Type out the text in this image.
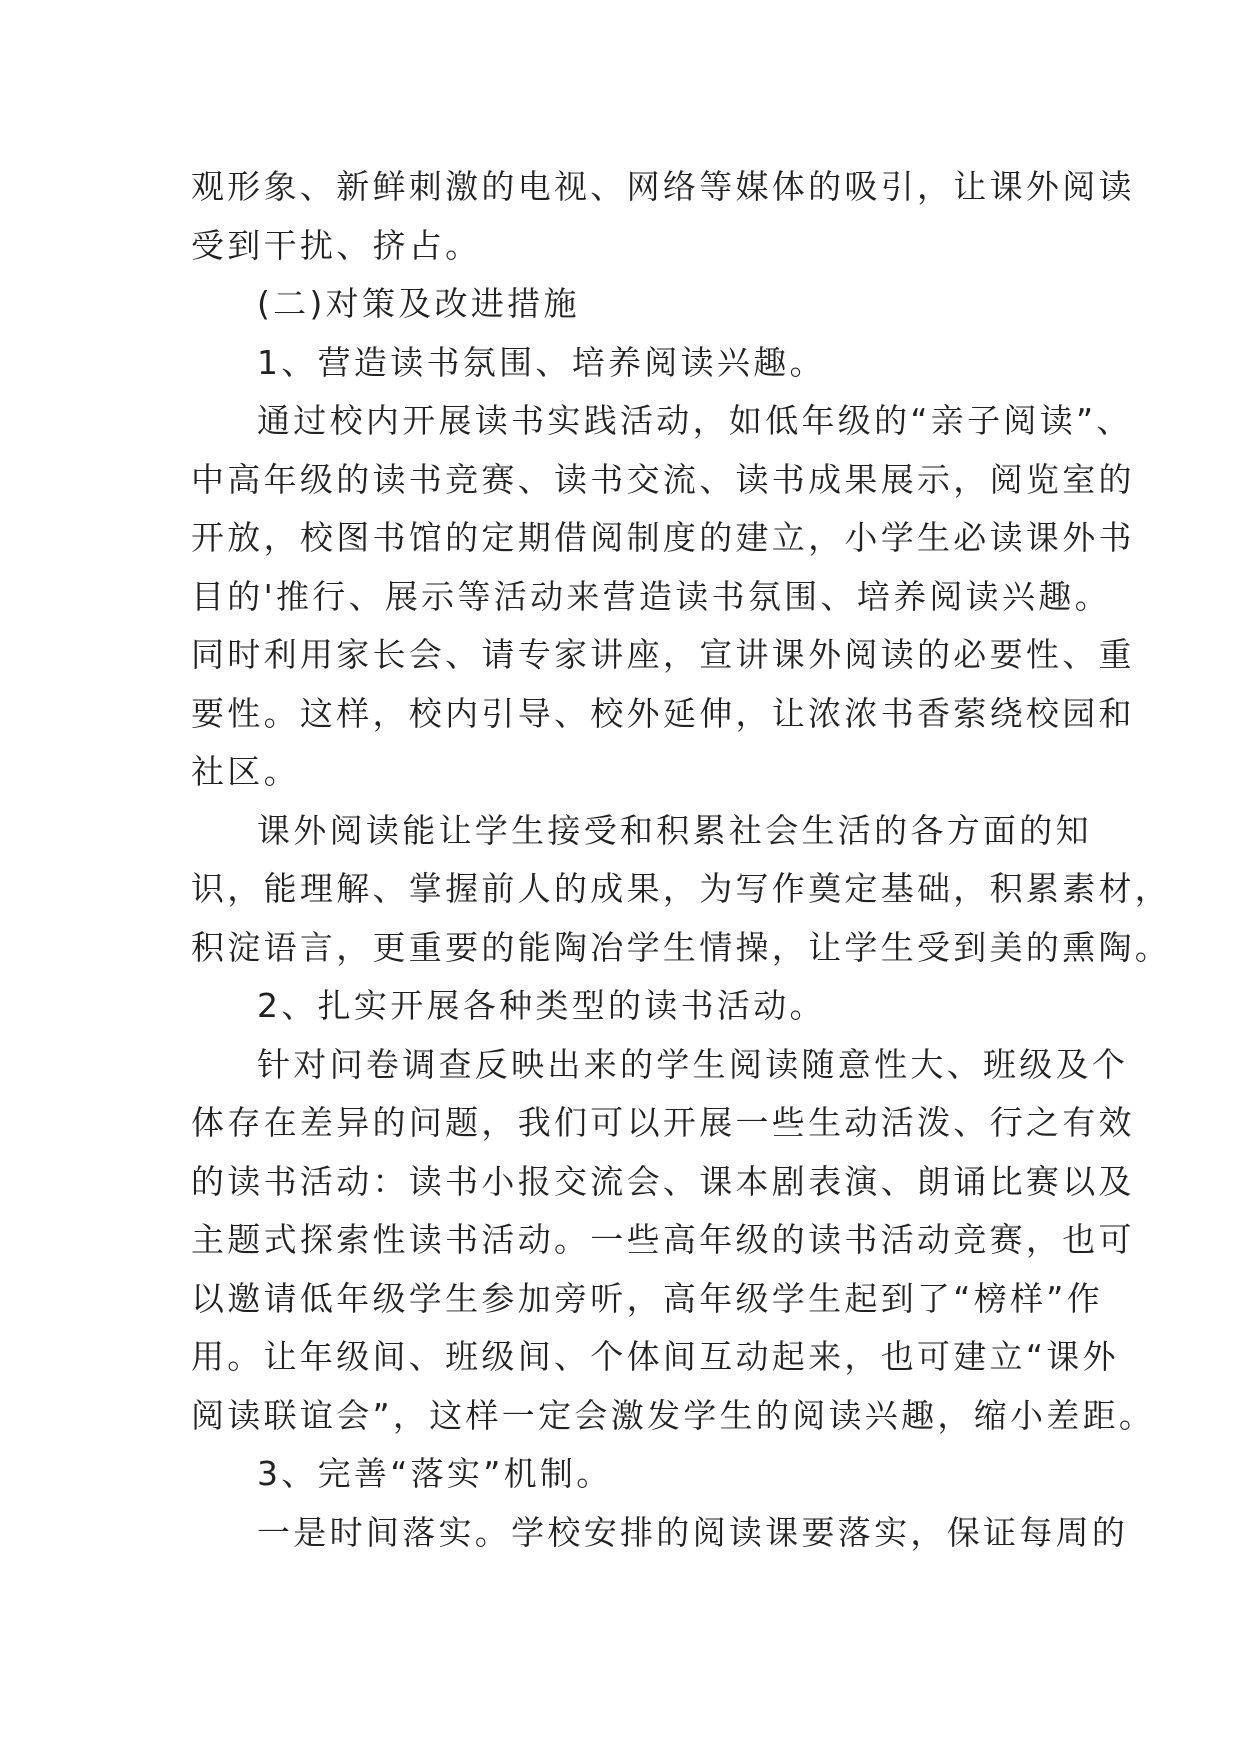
观形象、新鲜刺激的电视、网络等媒体的吸引，让课外阅读
受到干扰、挤占。
(二)对策及改进措施
1、营造读书氛围、培养阅读兴趣。
通过校内开展读书实践活动，如低年级的“亲子阅读”、
中高年级的读书竞赛、读书交流、读书成果展示，阅览室的
开放，校图书馆的定期借阅制度的建立，小学生必读课外书
目的'推行、展示等活动来营造读书氛围、培养阅读兴趣。
同时利用家长会、请专家讲座，宣讲课外阅读的必要性、重
要性。这样，校内引导、校外延伸，让浓浓书香萦绕校园和
社区。
课外阅读能让学生接受和积累社会生活的各方面的知
识，能理解、掌握前人的成果，为写作奠定基础，积累素材，
积淀语言，更重要的能陶冶学生情操，让学生受到美的熏陶。
2、扎实开展各种类型的读书活动。
针对问卷调查反映出来的学生阅读随意性大、班级及个
体存在差异的问题，我们可以开展一些生动活泼、行之有效
的读书活动：读书小报交流会、课本剧表演、朗诵比赛以及
主题式探索性读书活动。一些高年级的读书活动竞赛，也可
以邀请低年级学生参加旁听，高年级学生起到了“榜样”作
用。让年级间、班级间、个体间互动起来，也可建立“课外
阅读联谊会”，这样一定会激发学生的阅读兴趣，缩小差距。
3、完善“落实”机制。
一是时间落实。学校安排的阅读课要落实，保证每周的
